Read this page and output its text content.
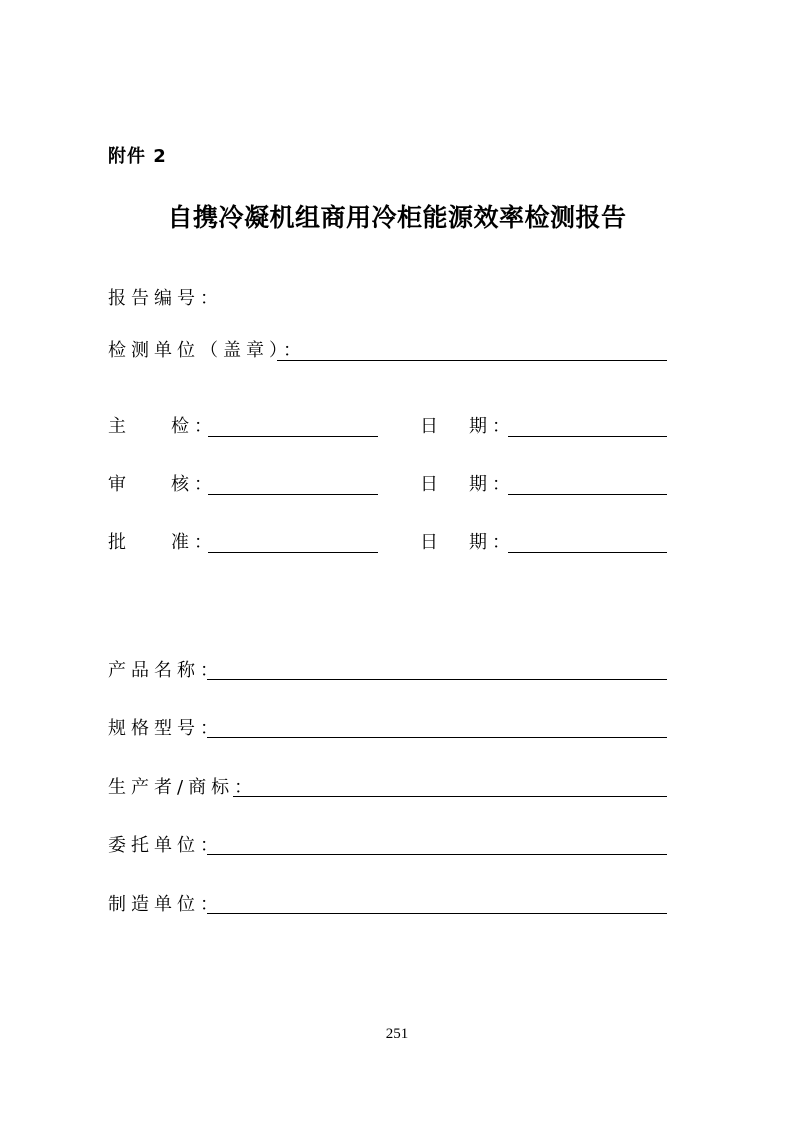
附件 2
自携冷凝机组商用冷柜能源效率检测报告
报告编号：
检测单位（盖章）：
主 检：	日 期：
审 核：	日 期：
批 准：	日 期：
产品名称：
规格型号：
生产者/商标：
委托单位：
制造单位：
251
